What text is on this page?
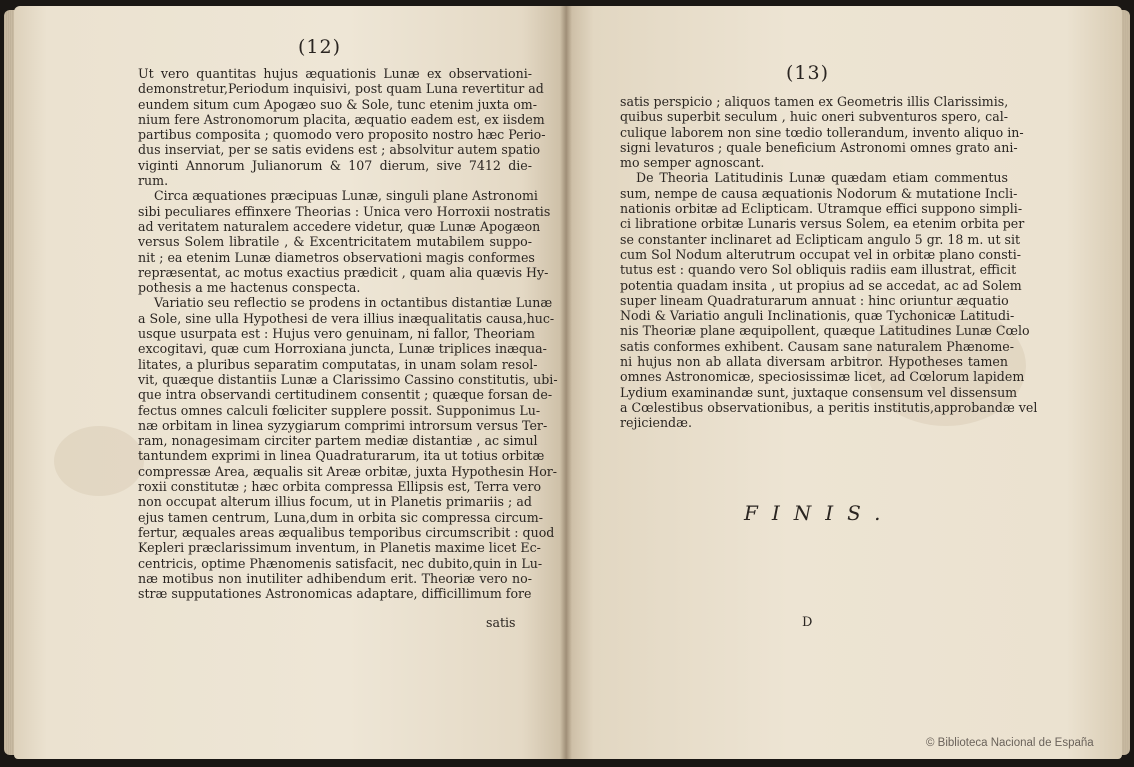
(12)
Ut vero quantitas hujus æquationis Lunæ ex observationi-
demonstretur,Periodum inquisivi, post quam Luna revertitur ad
eundem situm cum Apogæo suo & Sole, tunc etenim juxta om-
nium fere Astronomorum placita, æquatio eadem est, ex iisdem
partibus composita ; quomodo vero proposito nostro hæc Perio-
dus inserviat, per se satis evidens est ; absolvitur autem spatio
viginti Annorum Julianorum & 107 dierum, sive 7412 die-
rum.
Circa æquationes præcipuas Lunæ, singuli plane Astronomi
sibi peculiares effinxere Theorias : Unica vero Horroxii nostratis
ad veritatem naturalem accedere videtur, quæ Lunæ Apogæon
versus Solem libratile , & Excentricitatem mutabilem suppo-
nit ; ea etenim Lunæ diametros observationi magis conformes
repræsentat, ac motus exactius prædicit , quam alia quævis Hy-
pothesis a me hactenus conspecta.
Variatio seu reflectio se prodens in octantibus distantiæ Lunæ
a Sole, sine ulla Hypothesi de vera illius inæqualitatis causa,huc-
usque usurpata est : Hujus vero genuinam, ni fallor, Theoriam
excogitavi, quæ cum Horroxiana juncta, Lunæ triplices inæqua-
litates, a pluribus separatim computatas, in unam solam resol-
vit, quæque distantiis Lunæ a Clarissimo Cassino constitutis, ubi-
que intra observandi certitudinem consentit ; quæque forsan de-
fectus omnes calculi fœliciter supplere possit. Supponimus Lu-
næ orbitam in linea syzygiarum comprimi introrsum versus Ter-
ram, nonagesimam circiter partem mediæ distantiæ , ac simul
tantundem exprimi in linea Quadraturarum, ita ut totius orbitæ
compressæ Area, æqualis sit Areæ orbitæ, juxta Hypothesin Hor-
roxii constitutæ ; hæc orbita compressa Ellipsis est, Terra vero
non occupat alterum illius focum, ut in Planetis primariis ; ad
ejus tamen centrum, Luna,dum in orbita sic compressa circum-
fertur, æquales areas æqualibus temporibus circumscribit : quod
Kepleri præclarissimum inventum, in Planetis maxime licet Ec-
centricis, optime Phænomenis satisfacit, nec dubito,quin in Lu-
næ motibus non inutiliter adhibendum erit. Theoriæ vero no-
stræ supputationes Astronomicas adaptare, difficillimum fore
satis
(13)
satis perspicio ; aliquos tamen ex Geometris illis Clarissimis,
quibus superbit seculum , huic oneri subventuros spero, cal-
culique laborem non sine tœdio tollerandum, invento aliquo in-
signi levaturos ; quale beneficium Astronomi omnes grato ani-
mo semper agnoscant.
De Theoria Latitudinis Lunæ quædam etiam commentus
sum, nempe de causa æquationis Nodorum & mutatione Incli-
nationis orbitæ ad Eclipticam. Utramque effici suppono simpli-
ci libratione orbitæ Lunaris versus Solem, ea etenim orbita per
se constanter inclinaret ad Eclipticam angulo 5 gr. 18 m. ut sit
cum Sol Nodum alterutrum occupat vel in orbitæ plano consti-
tutus est : quando vero Sol obliquis radiis eam illustrat, efficit
potentia quadam insita , ut propius ad se accedat, ac ad Solem
super lineam Quadraturarum annuat : hinc oriuntur æquatio
Nodi & Variatio anguli Inclinationis, quæ Tychonicæ Latitudi-
nis Theoriæ plane æquipollent, quæque Latitudines Lunæ Cœlo
satis conformes exhibent. Causam sane naturalem Phænome-
ni hujus non ab allata diversam arbitror. Hypotheses tamen
omnes Astronomicæ, speciosissimæ licet, ad Cœlorum lapidem
Lydium examinandæ sunt, juxtaque consensum vel dissensum
a Cœlestibus observationibus, a peritis institutis,approbandæ vel
rejiciendæ.
FINIS.
D
© Biblioteca Nacional de España
